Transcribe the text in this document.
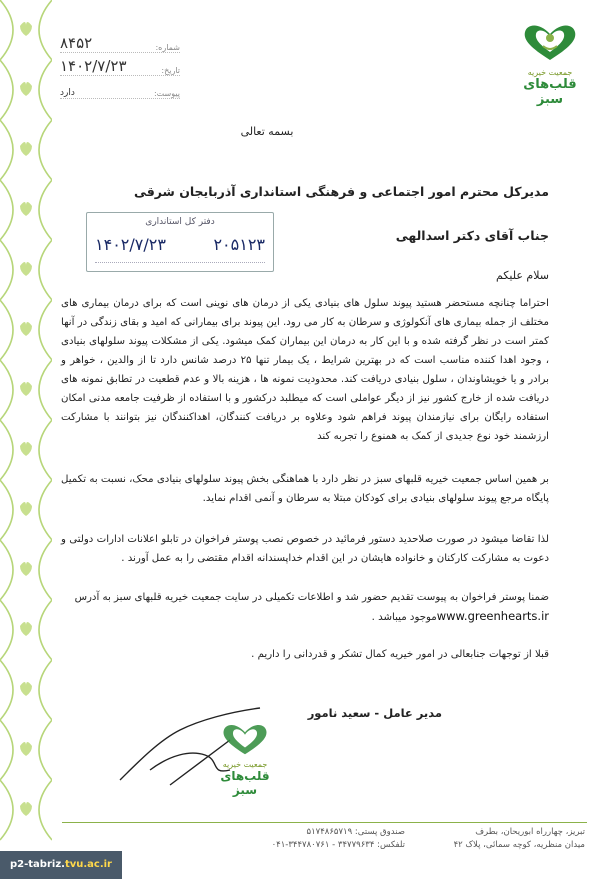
جمعیت خیریه
قلب‌های سبز
شماره:
۸۴۵۲
تاریخ:
۱۴۰۲/۷/۲۳
پیوست:
دارد
دفتر کل استانداری
۱۴۰۲/۷/۲۳	۲۰۵۱۲۳
بسمه تعالی
مدیرکل محترم امور اجتماعی و فرهنگی استانداری آذربایجان شرقی
جناب آقای دکتر اسدالهی
سلام علیکم
احتراما چنانچه مستحضر هستید پیوند سلول های بنیادی یکی از درمان های نوینی است که برای درمان بیماری های مختلف از جمله بیماری های آنکولوژی و سرطان به کار می رود. این پیوند برای بیمارانی که امید و بقای زندگی در آنها کمتر است در نظر گرفته شده و با این کار به درمان این بیماران کمک میشود. یکی از مشکلات پیوند سلولهای بنیادی ، وجود اهدا کننده مناسب است که در بهترین شرایط ، یک بیمار تنها ۲۵ درصد شانس دارد تا از والدین ، خواهر و برادر و یا خویشاوندان ، سلول بنیادی دریافت کند. محدودیت نمونه ها ، هزینه بالا و عدم قطعیت در تطابق نمونه های دریافت شده از خارج کشور نیز از دیگر عواملی است که میطلبد درکشور و با استفاده از ظرفیت جامعه مدنی امکان استفاده رایگان برای نیازمندان پیوند فراهم شود وعلاوه بر دریافت کنندگان، اهداکنندگان نیز بتوانند با مشارکت ارزشمند خود نوع جدیدی از کمک به همنوع را تجربه کند
بر همین اساس جمعیت خیریه قلبهای سبز در نظر دارد با هماهنگی بخش پیوند سلولهای بنیادی محک، نسبت به تکمیل پایگاه مرجع پیوند سلولهای بنیادی برای کودکان مبتلا به سرطان و آنمی اقدام نماید.
لذا تقاضا میشود در صورت صلاحدید دستور فرمائید در خصوص نصب پوستر فراخوان در تابلو اعلانات ادارات دولتی و دعوت به مشارکت کارکنان و خانواده هایشان در این اقدام خداپسندانه اقدام مقتضی را به عمل آورند .
ضمنا پوستر فراخوان به پیوست تقدیم حضور شد و اطلاعات تکمیلی در سایت جمعیت خیریه قلبهای سبز به آدرس
www.greenhearts.irموجود میباشد .
قبلا از توجهات جنابعالی در امور خیریه کمال تشکر و قدردانی را داریم .
مدیر عامل - سعید نامور
جمعیت خیریه
قلب‌های سبز
تبریز، چهارراه ابوریحان، بطرف
میدان منظریه، کوچه سمائی، پلاک ۴۲
صندوق پستی: ۵۱۷۴۸۶۵۷۱۹
تلفکس: ۰۴۱-۳۴۴۷۸۰۷۶۱ - ۳۴۷۷۹۶۳۴
p2-tabriz.tvu.ac.ir
